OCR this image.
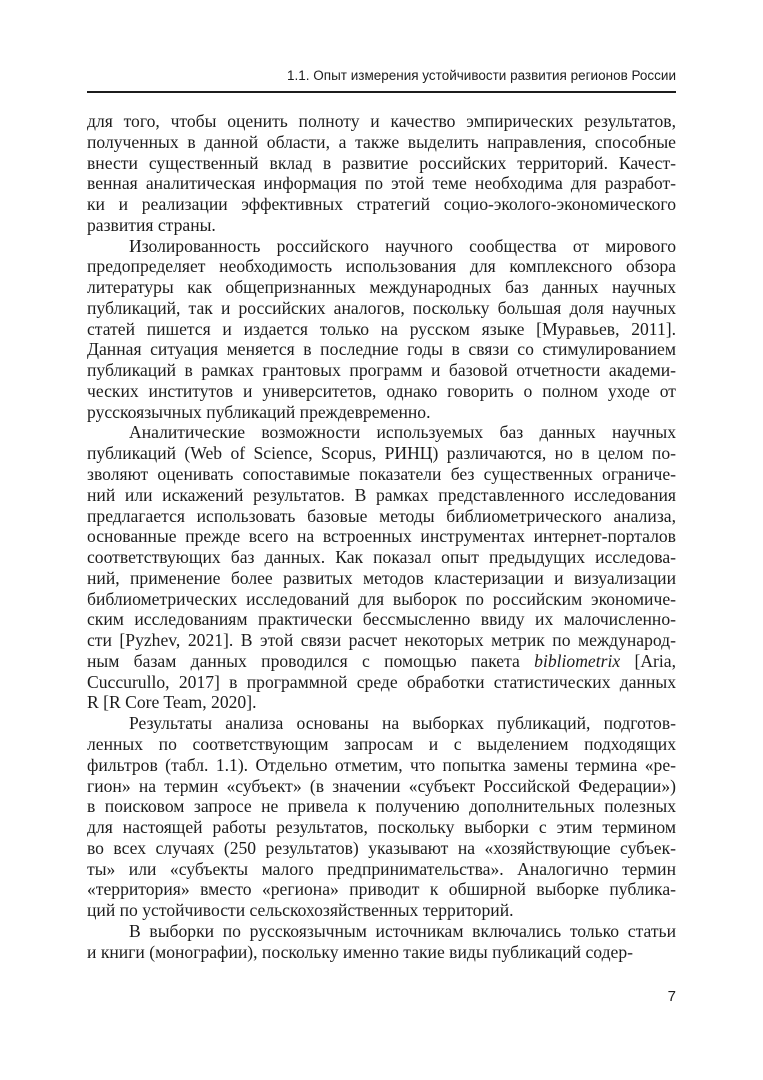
1.1. Опыт измерения устойчивости развития регионов России
для того, чтобы оценить полноту и качество эмпирических результатов,
полученных в данной области, а также выделить направления, способные
внести существенный вклад в развитие российских территорий. Качест-
венная аналитическая информация по этой теме необходима для разработ-
ки и реализации эффективных стратегий социо-эколого-экономического
развития страны.
Изолированность российского научного сообщества от мирового
предопределяет необходимость использования для комплексного обзора
литературы как общепризнанных международных баз данных научных
публикаций, так и российских аналогов, поскольку большая доля научных
статей пишется и издается только на русском языке [Муравьев, 2011].
Данная ситуация меняется в последние годы в связи со стимулированием
публикаций в рамках грантовых программ и базовой отчетности академи-
ческих институтов и университетов, однако говорить о полном уходе от
русскоязычных публикаций преждевременно.
Аналитические возможности используемых баз данных научных
публикаций (Web of Science, Scopus, РИНЦ) различаются, но в целом по-
зволяют оценивать сопоставимые показатели без существенных ограниче-
ний или искажений результатов. В рамках представленного исследования
предлагается использовать базовые методы библиометрического анализа,
основанные прежде всего на встроенных инструментах интернет-порталов
соответствующих баз данных. Как показал опыт предыдущих исследова-
ний, применение более развитых методов кластеризации и визуализации
библиометрических исследований для выборок по российским экономиче-
ским исследованиям практически бессмысленно ввиду их малочисленно-
сти [Pyzhev, 2021]. В этой связи расчет некоторых метрик по международ-
ным базам данных проводился с помощью пакета bibliometrix [Aria,
Cuccurullo, 2017] в программной среде обработки статистических данных
R [R Core Team, 2020].
Результаты анализа основаны на выборках публикаций, подготов-
ленных по соответствующим запросам и с выделением подходящих
фильтров (табл. 1.1). Отдельно отметим, что попытка замены термина «ре-
гион» на термин «субъект» (в значении «субъект Российской Федерации»)
в поисковом запросе не привела к получению дополнительных полезных
для настоящей работы результатов, поскольку выборки с этим термином
во всех случаях (250 результатов) указывают на «хозяйствующие субъек-
ты» или «субъекты малого предпринимательства». Аналогично термин
«территория» вместо «региона» приводит к обширной выборке публика-
ций по устойчивости сельскохозяйственных территорий.
В выборки по русскоязычным источникам включались только статьи
и книги (монографии), поскольку именно такие виды публикаций содер-
7
